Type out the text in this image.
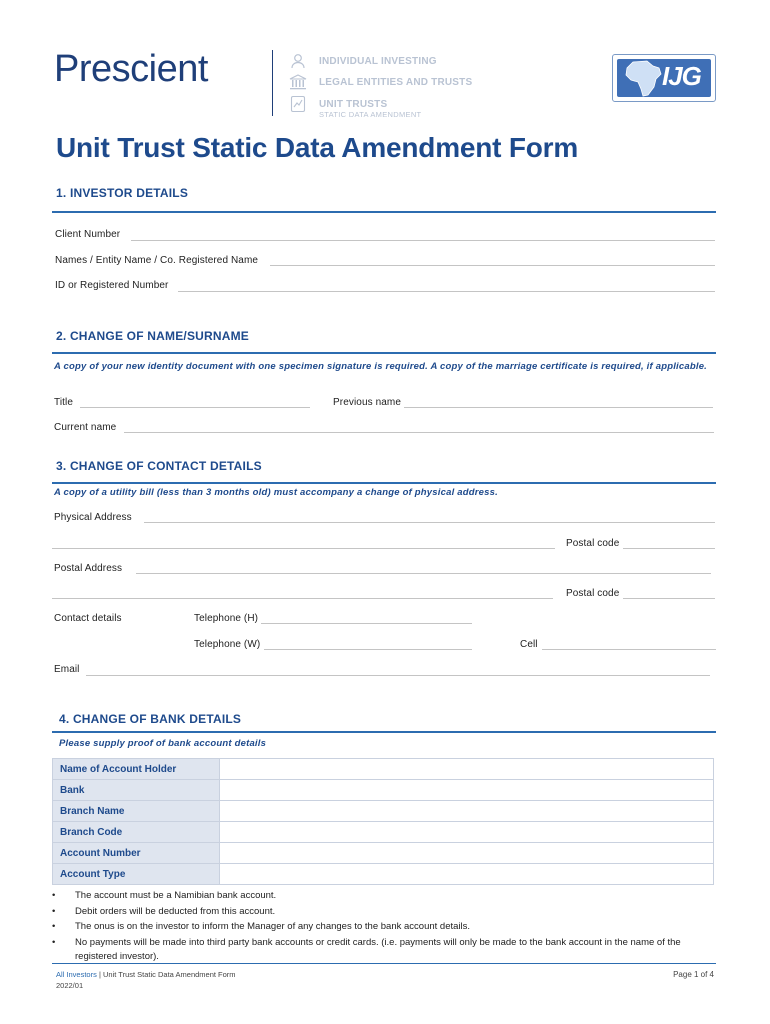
Prescient	INDIVIDUAL INVESTING
LEGAL ENTITIES AND TRUSTS
UNIT TRUSTS
STATIC DATA AMENDMENT
IJG
Unit Trust Static Data Amendment Form
1. INVESTOR DETAILS
Client Number
Names / Entity Name / Co. Registered Name
ID or Registered Number
2. CHANGE OF NAME/SURNAME
A copy of your new identity document with one specimen signature is required. A copy of the marriage certificate is required, if applicable.
Title	Previous name
Current name
3. CHANGE OF CONTACT DETAILS
A copy of a utility bill (less than 3 months old) must accompany a change of physical address.
Physical Address
Postal code
Postal Address
Postal code
Contact details	Telephone (H)
Telephone (W)	Cell
Email
4. CHANGE OF BANK DETAILS
Please supply proof of bank account details
Name of Account Holder	
Bank	
Branch Name	
Branch Code	
Account Number	
Account Type	
• The account must be a Namibian bank account.
• Debit orders will be deducted from this account.
• The onus is on the investor to inform the Manager of any changes to the bank account details.
• No payments will be made into third party bank accounts or credit cards. (i.e. payments will only be made to the bank account in the name of the registered investor).
All Investors | Unit Trust Static Data Amendment Form
2022/01
Page 1 of 4
